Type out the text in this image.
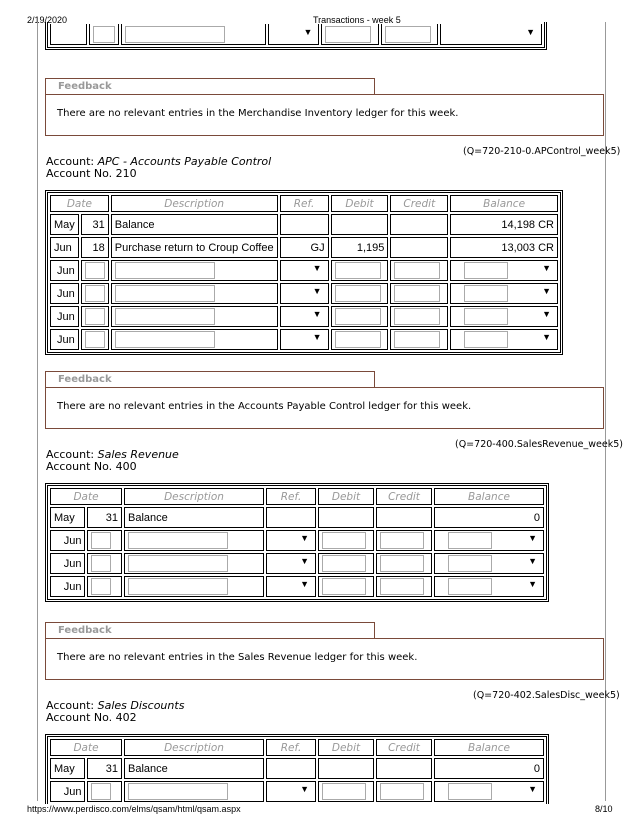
2/19/2020	Transactions - week 5
https://www.perdisco.com/elms/qsam/html/qsam.aspx	8/10

▼			▼
Feedback
There are no relevant entries in the Merchandise Inventory ledger for this week.
(Q=720-210-0.APControl_week5)
Account: APC - Accounts Payable Control
Account No. 210
Date		Description	Ref.	Debit	Credit	Balance
May	31	Balance				14,198 CR
Jun	18	Purchase return to Croup Coffee	GJ	1,195		13,003 CR
Jun			▼			▼

Jun			▼			▼

Jun			▼			▼

Jun			▼			▼
Feedback
There are no relevant entries in the Accounts Payable Control ledger for this week.
(Q=720-400.SalesRevenue_week5)
Account: Sales Revenue
Account No. 400
Date		Description	Ref.	Debit	Credit	Balance
May	31	Balance				0
Jun			▼			▼

Jun			▼			▼

Jun			▼			▼
Feedback
There are no relevant entries in the Sales Revenue ledger for this week.
(Q=720-402.SalesDisc_week5)
Account: Sales Discounts
Account No. 402
Date		Description	Ref.	Debit	Credit	Balance
May	31	Balance				0
Jun			▼			▼
